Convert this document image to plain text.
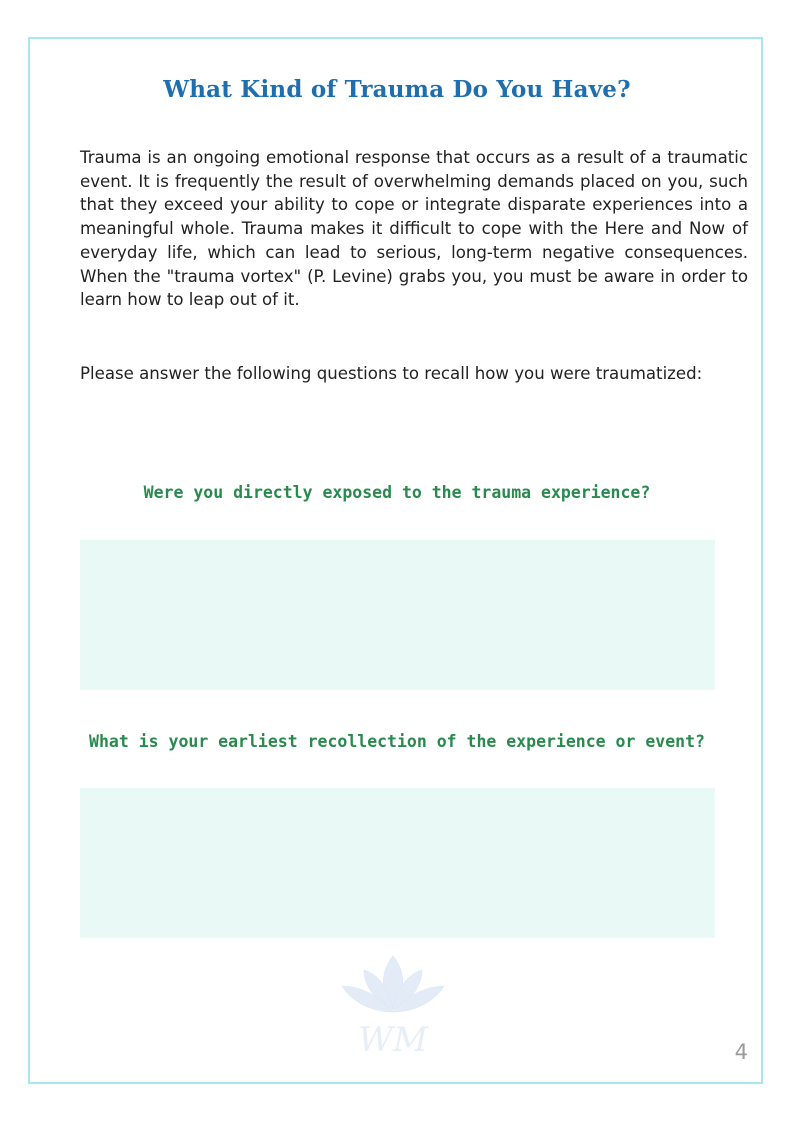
What Kind of Trauma Do You Have?

Trauma is an ongoing emotional response that occurs as a result of a traumatic event. It is frequently the result of overwhelming demands placed on you, such that they exceed your ability to cope or integrate disparate experiences into a meaningful whole. Trauma makes it difficult to cope with the Here and Now of everyday life, which can lead to serious, long-term negative consequences. When the "trauma vortex" (P. Levine) grabs you, you must be aware in order to learn how to leap out of it.

Please answer the following questions to recall how you were traumatized:

Were you directly exposed to the trauma experience?

What is your earliest recollection of the experience or event?

WM	4
